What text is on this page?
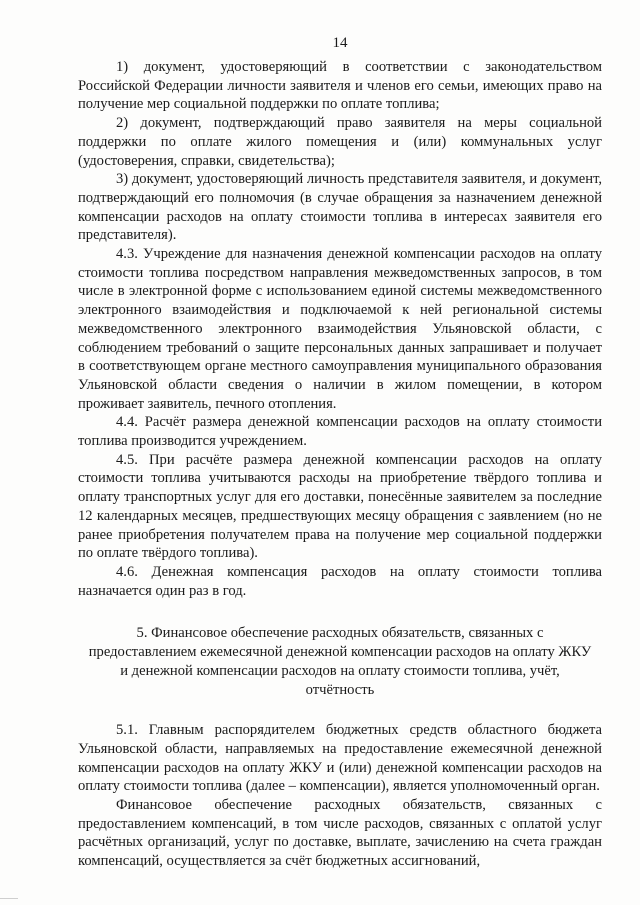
14

1) документ, удостоверяющий в соответствии с законодательством Российской Федерации личности заявителя и членов его семьи, имеющих право на получение мер социальной поддержки по оплате топлива;

2) документ, подтверждающий право заявителя на меры социальной поддержки по оплате жилого помещения и (или) коммунальных услуг (удостоверения, справки, свидетельства);

3) документ, удостоверяющий личность представителя заявителя, и документ, подтверждающий его полномочия (в случае обращения за назначением денежной компенсации расходов на оплату стоимости топлива в интересах заявителя его представителя).

4.3. Учреждение для назначения денежной компенсации расходов на оплату стоимости топлива посредством направления межведомственных запросов, в том числе в электронной форме с использованием единой системы межведомственного электронного взаимодействия и подключаемой к ней региональной системы межведомственного электронного взаимодействия Ульяновской области, с соблюдением требований о защите персональных данных запрашивает и получает в соответствующем органе местного самоуправления муниципального образования Ульяновской области сведения о наличии в жилом помещении, в котором проживает заявитель, печного отопления.

4.4. Расчёт размера денежной компенсации расходов на оплату стоимости топлива производится учреждением.

4.5. При расчёте размера денежной компенсации расходов на оплату стоимости топлива учитываются расходы на приобретение твёрдого топлива и оплату транспортных услуг для его доставки, понесённые заявителем за последние 12 календарных месяцев, предшествующих месяцу обращения с заявлением (но не ранее приобретения получателем права на получение мер социальной поддержки по оплате твёрдого топлива).

4.6. Денежная компенсация расходов на оплату стоимости топлива назначается один раз в год.

5. Финансовое обеспечение расходных обязательств, связанных с предоставлением ежемесячной денежной компенсации расходов на оплату ЖКУ и денежной компенсации расходов на оплату стоимости топлива, учёт, отчётность

5.1. Главным распорядителем бюджетных средств областного бюджета Ульяновской области, направляемых на предоставление ежемесячной денежной компенсации расходов на оплату ЖКУ и (или) денежной компенсации расходов на оплату стоимости топлива (далее – компенсации), является уполномоченный орган.

Финансовое обеспечение расходных обязательств, связанных с предоставлением компенсаций, в том числе расходов, связанных с оплатой услуг расчётных организаций, услуг по доставке, выплате, зачислению на счета граждан компенсаций, осуществляется за счёт бюджетных ассигнований,
